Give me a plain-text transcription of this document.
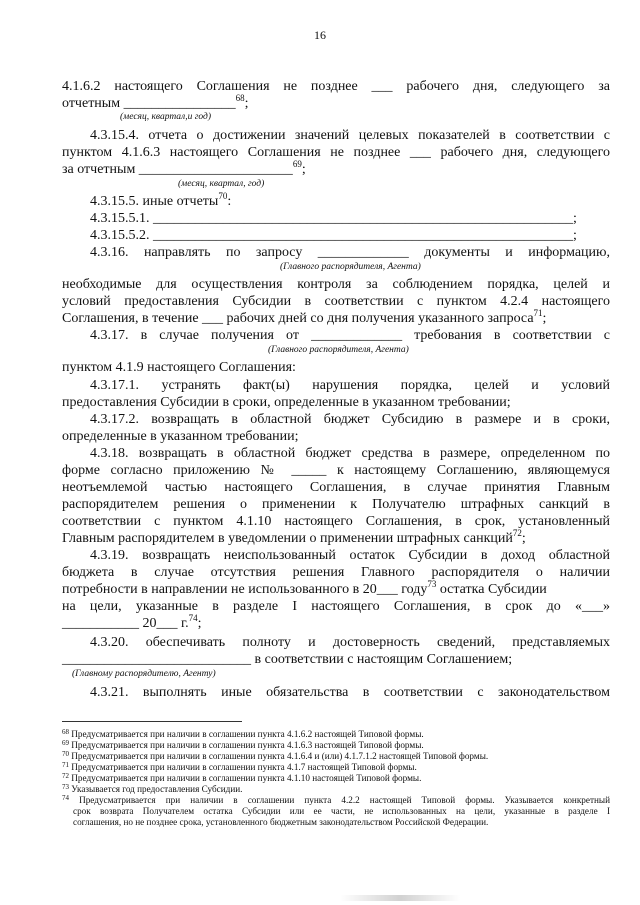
16
4.1.6.2 настоящего Соглашения не позднее ___ рабочего дня, следующего за
отчетным ________________$^{68}$;
(месяц, квартал,и год)
4.3.15.4. отчета о достижении значений целевых показателей в соответствии с
пунктом 4.1.6.3 настоящего Соглашения не позднее ___ рабочего дня, следующего
за отчетным ______________________$^{69}$;
(месяц, квартал, год)
4.3.15.5. иные отчеты$^{70}$:
4.3.15.5.1. ____________________________________________________________;
4.3.15.5.2. ____________________________________________________________;
4.3.16. направлять по запросу _____________ документы и информацию,
(Главного распорядителя, Агента)
необходимые для осуществления контроля за соблюдением порядка, целей и
условий предоставления Субсидии в соответствии с пунктом 4.2.4 настоящего
Соглашения, в течение ___ рабочих дней со дня получения указанного запроса$^{71}$;
4.3.17. в случае получения от _____________ требования в соответствии с
(Главного распорядителя, Агента)
пунктом 4.1.9 настоящего Соглашения:
4.3.17.1. устранять факт(ы) нарушения порядка, целей и условий
предоставления Субсидии в сроки, определенные в указанном требовании;
4.3.17.2. возвращать в областной бюджет Субсидию в размере и в сроки,
определенные в указанном требовании;
4.3.18. возвращать в областной бюджет средства в размере, определенном по
форме согласно приложению № _____ к настоящему Соглашению, являющемуся
неотъемлемой частью настоящего Соглашения, в случае принятия Главным
распорядителем решения о применении к Получателю штрафных санкций в
соответствии с пунктом 4.1.10 настоящего Соглашения, в срок, установленный
Главным распорядителем в уведомлении о применении штрафных санкций$^{72}$;
4.3.19. возвращать неиспользованный остаток Субсидии в доход областной
бюджета в случае отсутствия решения Главного распорядителя о наличии
потребности в направлении не использованного в 20___ году$^{73}$ остатка Субсидии
на цели, указанные в разделе I настоящего Соглашения, в срок до «___»
___________ 20___ г.$^{74}$;
4.3.20. обеспечивать полноту и достоверность сведений, представляемых
___________________________ в соответствии с настоящим Соглашением;
(Главному распорядителю, Агенту)
4.3.21. выполнять иные обязательства в соответствии с законодательством
$^{68}$ Предусматривается при наличии в соглашении пункта 4.1.6.2 настоящей Типовой формы.
$^{69}$ Предусматривается при наличии в соглашении пункта 4.1.6.3 настоящей Типовой формы.
$^{70}$ Предусматривается при наличии в соглашении пункта 4.1.6.4 и (или) 4.1.7.1.2 настоящей Типовой формы.
$^{71}$ Предусматривается при наличии в соглашении пункта 4.1.7 настоящей Типовой формы.
$^{72}$ Предусматривается при наличии в соглашении пункта 4.1.10 настоящей Типовой формы.
$^{73}$ Указывается год предоставления Субсидии.
$^{74}$ Предусматривается при наличии в соглашении пункта 4.2.2 настоящей Типовой формы. Указывается конкретный
срок возврата Получателем остатка Субсидии или ее части, не использованных на цели, указанные в разделе I
соглашения, но не позднее срока, установленного бюджетным законодательством Российской Федерации.
